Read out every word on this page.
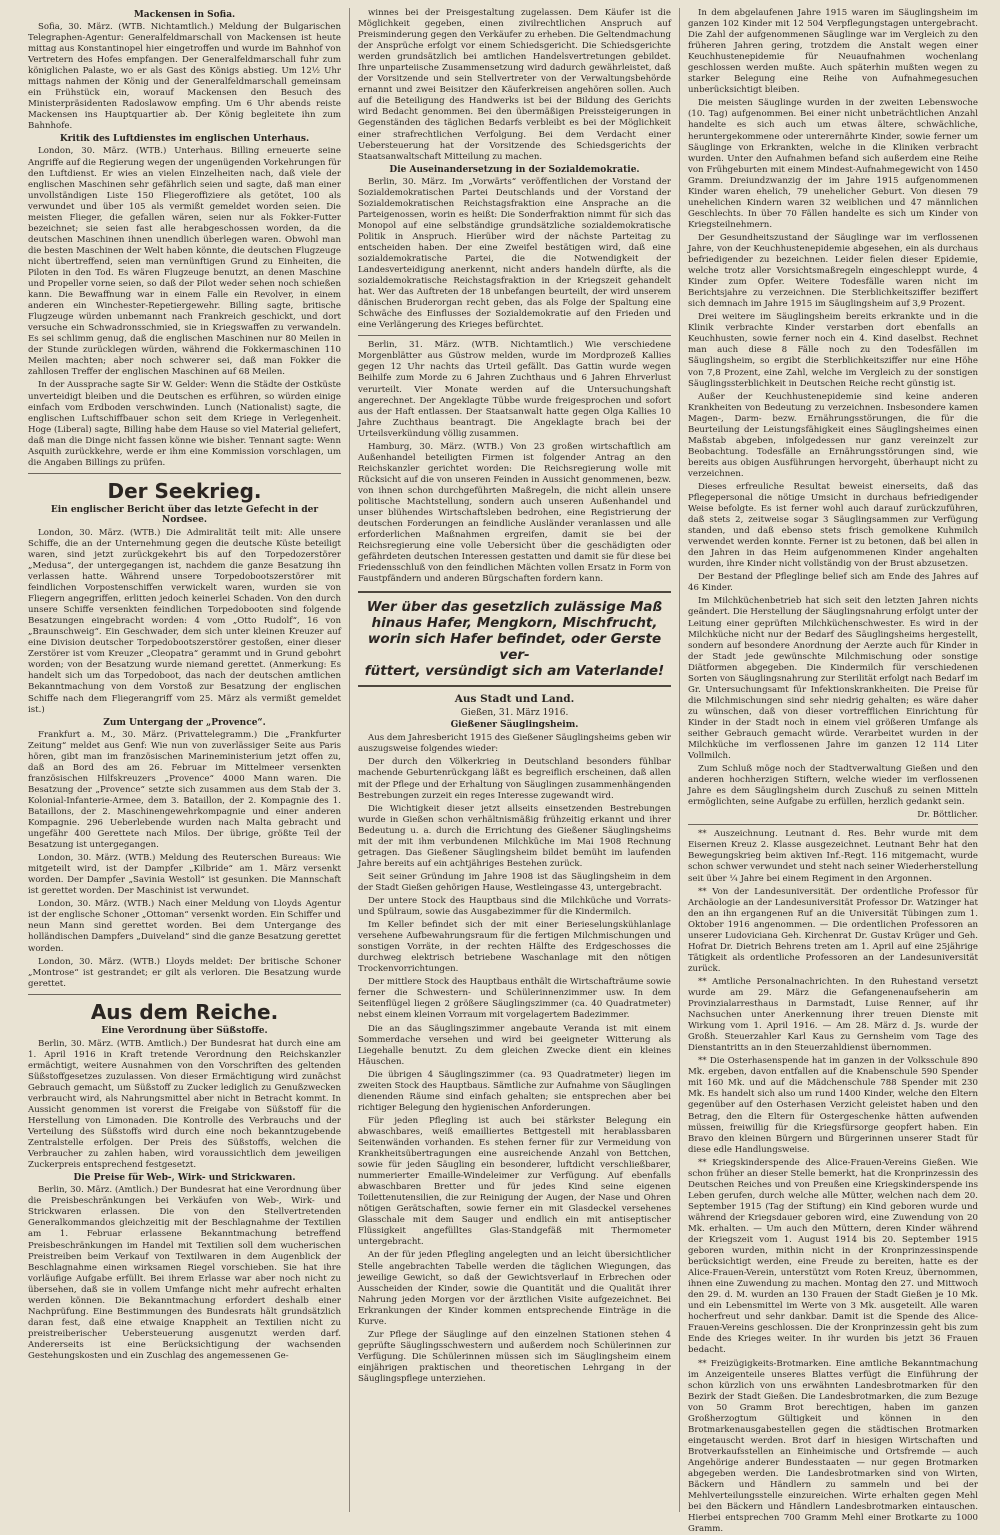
Mackensen in Sofia.

Sofia, 30. März. (WTB. Nichtamtlich.) Meldung der Bulgarischen Telegraphen-Agentur: Generalfeldmarschall von Mackensen ist heute mittag aus Konstantinopel hier eingetroffen und wurde im Bahnhof von Vertretern des Hofes empfangen. Der Generalfeldmarschall fuhr zum königlichen Palaste, wo er als Gast des Königs abstieg. Um 12½ Uhr mittags nahmen der König und der Generalfeldmarschall gemeinsam ein Frühstück ein, worauf Mackensen den Besuch des Ministerpräsidenten Radoslawow empfing. Um 6 Uhr abends reiste Mackensen ins Hauptquartier ab. Der König begleitete ihn zum Bahnhofe.

Kritik des Luftdienstes im englischen Unterhaus.

London, 30. März. (WTB.) Unterhaus. Billing erneuerte seine Angriffe auf die Regierung wegen der ungenügenden Vorkehrungen für den Luftdienst. Er wies an vielen Einzelheiten nach, daß viele der englischen Maschinen sehr gefährlich seien und sagte, daß man einer unvollständigen Liste 150 Fliegeroffiziere als getötet, 100 als verwundet und über 105 als vermißt gemeldet worden seien. Die meisten Flieger, die gefallen wären, seien nur als Fokker-Futter bezeichnet; sie seien fast alle herabgeschossen worden, da die deutschen Maschinen ihnen unendlich überlegen waren. Obwohl man die besten Maschinen der Welt haben könnte, die deutschen Flugzeuge nicht übertreffend, seien man vernünftigen Grund zu Einheiten, die Piloten in den Tod. Es wären Flugzeuge benutzt, an denen Maschine und Propeller vorne seien, so daß der Pilot weder sehen noch schießen kann. Die Bewaffnung war in einem Falle ein Revolver, in einem anderen ein Winchester-Repetiergewehr. Billing sagte, britische Flugzeuge würden unbemannt nach Frankreich geschickt, und dort versuche ein Schwadronsschmied, sie in Kriegswaffen zu verwandeln. Es sei schlimm genug, daß die englischen Maschinen nur 80 Meilen in der Stunde zurücklegen würden, während die Fokkermaschinen 110 Meilen machten; aber noch schwerer sei, daß man Fokker die zahllosen Treffer der englischen Maschinen auf 68 Meilen.

In der Aussprache sagte Sir W. Gelder: Wenn die Städte der Ostküste unverteidigt bleiben und die Deutschen es erführen, so würden einige einfach vom Erdboden verschwinden. Lunch (Nationalist) sagte, die englischen Luftschiffbauer schon seit dem Kriege in Verlegenheit. Hoge (Liberal) sagte, Billing habe dem Hause so viel Material geliefert, daß man die Dinge nicht fassen könne wie bisher. Tennant sagte: Wenn Asquith zurückkehre, werde er ihm eine Kommission vorschlagen, um die Angaben Billings zu prüfen.

Der Seekrieg.
Ein englischer Bericht über das letzte Gefecht in der Nordsee.

London, 30. März. (WTB.) Die Admiralität teilt mit: Alle unsere Schiffe, die an der Unternehmung gegen die deutsche Küste beteiligt waren, sind jetzt zurückgekehrt bis auf den Torpedozerstörer „Medusa“, der untergegangen ist, nachdem die ganze Besatzung ihn verlassen hatte. Während unsere Torpedobootszerstörer mit feindlichen Vorpostenschiffen verwickelt waren, wurden sie von Fliegern angegriffen, erlitten jedoch keinerlei Schaden. Von den durch unsere Schiffe versenkten feindlichen Torpedobooten sind folgende Besatzungen eingebracht worden: 4 vom „Otto Rudolf“, 16 von „Braunschweig“. Ein Geschwader, dem sich unter kleinen Kreuzer auf eine Division deutscher Torpedobootszerstörer gestoßen, einer dieser Zerstörer ist vom Kreuzer „Cleopatra“ gerammt und in Grund gebohrt worden; von der Besatzung wurde niemand gerettet. (Anmerkung: Es handelt sich um das Torpedoboot, das nach der deutschen amtlichen Bekanntmachung von dem Vorstoß zur Besatzung der englischen Schiffe nach dem Fliegerangriff vom 25. März als vermißt gemeldet ist.)

Zum Untergang der „Provence“.

Frankfurt a. M., 30. März. (Privattelegramm.) Die „Frankfurter Zeitung“ meldet aus Genf: Wie nun von zuverlässiger Seite aus Paris hören, gibt man im französischen Marineministerium jetzt offen zu, daß an Bord des am 26. Februar im Mittelmeer versenkten französischen Hilfskreuzers „Provence“ 4000 Mann waren. Die Besatzung der „Provence“ setzte sich zusammen aus dem Stab der 3. Kolonial-Infanterie-Armee, dem 3. Bataillon, der 2. Kompagnie des 1. Bataillons, der 2. Maschinengewehrkompagnie und einer anderen Kompagnie. 296 Ueberlebende wurden nach Malta gebracht und ungefähr 400 Gerettete nach Milos. Der übrige, größte Teil der Besatzung ist untergegangen.

London, 30. März. (WTB.) Meldung des Reuterschen Bureaus: Wie mitgeteilt wird, ist der Dampfer „Kilbride“ am 1. März versenkt worden. Der Dampfer „Savinia Westoll“ ist gesunken. Die Mannschaft ist gerettet worden. Der Maschinist ist verwundet.

London, 30. März. (WTB.) Nach einer Meldung von Lloyds Agentur ist der englische Schoner „Ottoman“ versenkt worden. Ein Schiffer und neun Mann sind gerettet worden. Bei dem Untergange des holländischen Dampfers „Duiveland“ sind die ganze Besatzung gerettet worden.

London, 30. März. (WTB.) Lloyds meldet: Der britische Schoner „Montrose“ ist gestrandet; er gilt als verloren. Die Besatzung wurde gerettet.

Aus dem Reiche.
Eine Verordnung über Süßstoffe.

Berlin, 30. März. (WTB. Amtlich.) Der Bundesrat hat durch eine am 1. April 1916 in Kraft tretende Verordnung den Reichskanzler ermächtigt, weitere Ausnahmen von den Vorschriften des geltenden Süßstoffgesetzes zuzulassen. Von dieser Ermächtigung wird zunächst Gebrauch gemacht, um Süßstoff zu Zucker lediglich zu Genußzwecken verbraucht wird, als Nahrungsmittel aber nicht in Betracht kommt. In Aussicht genommen ist vorerst die Freigabe von Süßstoff für die Herstellung von Limonaden. Die Kontrolle des Verbrauchs und der Verteilung des Süßstoffs wird durch eine noch bekanntzugebende Zentralstelle erfolgen. Der Preis des Süßstoffs, welchen die Verbraucher zu zahlen haben, wird voraussichtlich dem jeweiligen Zuckerpreis entsprechend festgesetzt.

Die Preise für Web-, Wirk- und Strickwaren.

Berlin, 30. März. (Amtlich.) Der Bundesrat hat eine Verordnung über die Preisbeschränkungen bei Verkäufen von Web-, Wirk- und Strickwaren erlassen. Die von den Stellvertretenden Generalkommandos gleichzeitig mit der Beschlagnahme der Textilien am 1. Februar erlassene Bekanntmachung betreffend Preisbeschränkungen im Handel mit Textilien soll dem wucherischen Preistreiben beim Verkauf von Textilwaren in dem Augenblick der Beschlagnahme einen wirksamen Riegel vorschieben. Sie hat ihre vorläufige Aufgabe erfüllt. Bei ihrem Erlasse war aber noch nicht zu übersehen, daß sie in vollem Umfange nicht mehr aufrecht erhalten werden können. Die Bekanntmachung erfordert deshalb einer Nachprüfung. Eine Bestimmungen des Bundesrats hält grundsätzlich daran fest, daß eine etwaige Knappheit an Textilien nicht zu preistreiberischer Uebersteuerung ausgenutzt werden darf. Andererseits ist eine Berücksichtigung der wachsenden Gestehungskosten und ein Zuschlag des angemessenen Ge-

winnes bei der Preisgestaltung zugelassen. Dem Käufer ist die Möglichkeit gegeben, einen zivilrechtlichen Anspruch auf Preisminderung gegen den Verkäufer zu erheben. Die Geltendmachung der Ansprüche erfolgt vor einem Schiedsgericht. Die Schiedsgerichte werden grundsätzlich bei amtlichen Handelsvertretungen gebildet. Ihre unparteiische Zusammensetzung wird dadurch gewährleistet, daß der Vorsitzende und sein Stellvertreter von der Verwaltungsbehörde ernannt und zwei Beisitzer den Käuferkreisen angehören sollen. Auch auf die Beteiligung des Handwerks ist bei der Bildung des Gerichts wird Bedacht genommen. Bei den übermäßigen Preissteigerungen in Gegenständen des täglichen Bedarfs verbleibt es bei der Möglichkeit einer strafrechtlichen Verfolgung. Bei dem Verdacht einer Uebersteuerung hat der Vorsitzende des Schiedsgerichts der Staatsanwaltschaft Mitteilung zu machen.

Die Auseinandersetzung in der Sozialdemokratie.

Berlin, 30. März. Im „Vorwärts“ veröffentlichen der Vorstand der Sozialdemokratischen Partei Deutschlands und der Vorstand der Sozialdemokratischen Reichstagsfraktion eine Ansprache an die Parteigenossen, worin es heißt: Die Sonderfraktion nimmt für sich das Monopol auf eine selbständige grundsätzliche sozialdemokratische Politik in Anspruch. Hierüber wird der nächste Parteitag zu entscheiden haben. Der eine Zweifel bestätigen wird, daß eine sozialdemokratische Partei, die die Notwendigkeit der Landesverteidigung anerkennt, nicht anders handeln dürfte, als die sozialdemokratische Reichstagsfraktion in der Kriegszeit gehandelt hat. Wer das Auftreten der 18 unbefangen beurteilt, der wird unserem dänischen Bruderorgan recht geben, das als Folge der Spaltung eine Schwäche des Einflusses der Sozialdemokratie auf den Frieden und eine Verlängerung des Krieges befürchtet.

Berlin, 31. März. (WTB. Nichtamtlich.) Wie verschiedene Morgenblätter aus Güstrow melden, wurde im Mordprozeß Kallies gegen 12 Uhr nachts das Urteil gefällt. Das Gattin wurde wegen Beihilfe zum Morde zu 6 Jahren Zuchthaus und 6 Jahren Ehrverlust verurteilt. Vier Monate werden auf die Untersuchungshaft angerechnet. Der Angeklagte Tübbe wurde freigesprochen und sofort aus der Haft entlassen. Der Staatsanwalt hatte gegen Olga Kallies 10 Jahre Zuchthaus beantragt. Die Angeklagte brach bei der Urteilsverkündung völlig zusammen.

Hamburg, 30. März. (WTB.) Von 23 großen wirtschaftlich am Außenhandel beteiligten Firmen ist folgender Antrag an den Reichskanzler gerichtet worden: Die Reichsregierung wolle mit Rücksicht auf die von unseren Feinden in Aussicht genommenen, bezw. von ihnen schon durchgeführten Maßregeln, die nicht allein unsere politische Machtstellung, sondern auch unseren Außenhandel und unser blühendes Wirtschaftsleben bedrohen, eine Registrierung der deutschen Forderungen an feindliche Ausländer veranlassen und alle erforderlichen Maßnahmen ergreifen, damit sie bei der Reichsregierung eine volle Uebersicht über die geschädigten oder gefährdeten deutschen Interessen gestatten und damit sie für diese bei Friedensschluß von den feindlichen Mächten vollen Ersatz in Form von Faustpfändern und anderen Bürgschaften fordern kann.

Wer über das gesetzlich zulässige Maß
hinaus Hafer, Mengkorn, Mischfrucht,
worin sich Hafer befindet, oder Gerste ver-
füttert, versündigt sich am Vaterlande!
Aus Stadt und Land.
Gießen, 31. März 1916.
Gießener Säuglingsheim.

Aus dem Jahresbericht 1915 des Gießener Säuglingsheims geben wir auszugsweise folgendes wieder:

Der durch den Völkerkrieg in Deutschland besonders fühlbar machende Geburtenrückgang läßt es begreiflich erscheinen, daß allen mit der Pflege und der Erhaltung von Säuglingen zusammenhängenden Bestrebungen zurzeit ein reges Interesse zugewandt wird.

Die Wichtigkeit dieser jetzt allseits einsetzenden Bestrebungen wurde in Gießen schon verhältnismäßig frühzeitig erkannt und ihrer Bedeutung u. a. durch die Errichtung des Gießener Säuglingsheims mit der mit ihm verbundenen Milchküche im Mai 1908 Rechnung getragen. Das Gießener Säuglingsheim bildet bemüht im laufenden Jahre bereits auf ein achtjähriges Bestehen zurück.

Seit seiner Gründung im Jahre 1908 ist das Säuglingsheim in dem der Stadt Gießen gehörigen Hause, Westleingasse 43, untergebracht.

Der untere Stock des Hauptbaus sind die Milchküche und Vorrats- und Spülraum, sowie das Ausgabezimmer für die Kindermilch.

Im Keller befindet sich der mit einer Berieselungskühlanlage versehene Aufbewahrungsraum für die fertigen Milchmischungen und sonstigen Vorräte, in der rechten Hälfte des Erdgeschosses die durchweg elektrisch betriebene Waschanlage mit den nötigen Trockenvorrichtungen.

Der mittlere Stock des Hauptbaus enthält die Wirtschafträume sowie ferner die Schwestern- und Schülerinnenzimmer usw. In dem Seitenflügel liegen 2 größere Säuglingszimmer (ca. 40 Quadratmeter) nebst einem kleinen Vorraum mit vorgelagertem Badezimmer.

Die an das Säuglingszimmer angebaute Veranda ist mit einem Sommerdache versehen und wird bei geeigneter Witterung als Liegehalle benutzt. Zu dem gleichen Zwecke dient ein kleines Häuschen.

Die übrigen 4 Säuglingszimmer (ca. 93 Quadratmeter) liegen im zweiten Stock des Hauptbaus. Sämtliche zur Aufnahme von Säuglingen dienenden Räume sind einfach gehalten; sie entsprechen aber bei richtiger Belegung den hygienischen Anforderungen.

Für jeden Pflegling ist auch bei stärkster Belegung ein abwaschbares, weiß emailliertes Bettgestell mit herablassbaren Seitenwänden vorhanden. Es stehen ferner für zur Vermeidung von Krankheitsübertragungen eine ausreichende Anzahl von Bettchen, sowie für jeden Säugling ein besonderer, luftdicht verschließbarer, nummerierter Emaille-Windeleimer zur Verfügung. Auf ebenfalls abwaschbaren Bretter und für jedes Kind seine eigenen Toilettenutensilien, die zur Reinigung der Augen, der Nase und Ohren nötigen Gerätschaften, sowie ferner ein mit Glasdeckel versehenes Glasschale mit dem Sauger und endlich ein mit antiseptischer Flüssigkeit angefülltes Glas-Standgefäß mit Thermometer untergebracht.

An der für jeden Pflegling angelegten und an leicht übersichtlicher Stelle angebrachten Tabelle werden die täglichen Wiegungen, das jeweilige Gewicht, so daß der Gewichtsverlauf in Erbrechen oder Ausscheiden der Kinder, sowie die Quantität und die Qualität ihrer Nahrung jeden Morgen vor der ärztlichen Visite aufgezeichnet. Bei Erkrankungen der Kinder kommen entsprechende Einträge in die Kurve.

Zur Pflege der Säuglinge auf den einzelnen Stationen stehen 4 geprüfte Säuglingsschwestern und außerdem noch Schülerinnen zur Verfügung. Die Schülerinnen müssen sich im Säuglingsheim einem einjährigen praktischen und theoretischen Lehrgang in der Säuglingspflege unterziehen.

In dem abgelaufenen Jahre 1915 waren im Säuglingsheim im ganzen 102 Kinder mit 12 504 Verpflegungstagen untergebracht. Die Zahl der aufgenommenen Säuglinge war im Vergleich zu den früheren Jahren gering, trotzdem die Anstalt wegen einer Keuchhustenepidemie für Neuaufnahmen wochenlang geschlossen werden mußte. Auch späterhin mußten wegen zu starker Belegung eine Reihe von Aufnahmegesuchen unberücksichtigt bleiben.

Die meisten Säuglinge wurden in der zweiten Lebenswoche (10. Tag) aufgenommen. Bei einer nicht unbeträchtlichen Anzahl handelte es sich auch um etwas ältere, schwächliche, heruntergekommene oder unterernährte Kinder, sowie ferner um Säuglinge von Erkrankten, welche in die Kliniken verbracht wurden. Unter den Aufnahmen befand sich außerdem eine Reihe von Frühgeburten mit einem Mindest-Aufnahmegewicht von 1450 Gramm. Dreiundzwanzig der im Jahre 1915 aufgenommenen Kinder waren ehelich, 79 unehelicher Geburt. Von diesen 79 unehelichen Kindern waren 32 weiblichen und 47 männlichen Geschlechts. In über 70 Fällen handelte es sich um Kinder von Kriegsteilnehmern.

Der Gesundheitszustand der Säuglinge war im verflossenen Jahre, von der Keuchhustenepidemie abgesehen, ein als durchaus befriedigender zu bezeichnen. Leider fielen dieser Epidemie, welche trotz aller Vorsichtsmaßregeln eingeschleppt wurde, 4 Kinder zum Opfer. Weitere Todesfälle waren nicht im Berichtsjahre zu verzeichnen. Die Sterblichkeitsziffer beziffert sich demnach im Jahre 1915 im Säuglingsheim auf 3,9 Prozent.

Drei weitere im Säuglingsheim bereits erkrankte und in die Klinik verbrachte Kinder verstarben dort ebenfalls an Keuchhusten, sowie ferner noch ein 4. Kind daselbst. Rechnet man auch diese 8 Fälle noch zu den Todesfällen im Säuglingsheim, so ergibt die Sterblichkeitsziffer nur eine Höhe von 7,8 Prozent, eine Zahl, welche im Vergleich zu der sonstigen Säuglingssterblichkeit in Deutschen Reiche recht günstig ist.

Außer der Keuchhustenepidemie sind keine anderen Krankheiten von Bedeutung zu verzeichnen. Insbesondere kamen Magen-, Darm- bezw. Ernährungsstörungen, die für die Beurteilung der Leistungsfähigkeit eines Säuglingsheimes einen Maßstab abgeben, infolgedessen nur ganz vereinzelt zur Beobachtung. Todesfälle an Ernährungsstörungen sind, wie bereits aus obigen Ausführungen hervorgeht, überhaupt nicht zu verzeichnen.

Dieses erfreuliche Resultat beweist einerseits, daß das Pflegepersonal die nötige Umsicht in durchaus befriedigender Weise befolgte. Es ist ferner wohl auch darauf zurückzuführen, daß stets 2, zeitweise sogar 3 Säuglingsammen zur Verfügung standen, und daß ebenso stets frisch gemolkene Kuhmilch verwendet werden konnte. Ferner ist zu betonen, daß bei allen in den Jahren in das Heim aufgenommenen Kinder angehalten wurden, ihre Kinder nicht vollständig von der Brust abzusetzen.

Der Bestand der Pfleglinge belief sich am Ende des Jahres auf 46 Kinder.

Im Milchküchenbetrieb hat sich seit den letzten Jahren nichts geändert. Die Herstellung der Säuglingsnahrung erfolgt unter der Leitung einer geprüften Milchküchenschwester. Es wird in der Milchküche nicht nur der Bedarf des Säuglingsheims hergestellt, sondern auf besondere Anordnung der Aerzte auch für Kinder in der Stadt jede gewünschte Milchmischung oder sonstige Diätformen abgegeben. Die Kindermilch für verschiedenen Sorten von Säuglingsnahrung zur Sterilität erfolgt nach Bedarf im Gr. Untersuchungsamt für Infektionskrankheiten. Die Preise für die Milchmischungen sind sehr niedrig gehalten; es wäre daher zu wünschen, daß von dieser vortrefflichen Einrichtung für Kinder in der Stadt noch in einem viel größeren Umfange als seither Gebrauch gemacht würde. Verarbeitet wurden in der Milchküche im verflossenen Jahre im ganzen 12 114 Liter Vollmilch.

Zum Schluß möge noch der Stadtverwaltung Gießen und den anderen hochherzigen Stiftern, welche wieder im verflossenen Jahre es dem Säuglingsheim durch Zuschuß zu seinen Mitteln ermöglichten, seine Aufgabe zu erfüllen, herzlich gedankt sein.

Dr. Böttlicher.

** Auszeichnung. Leutnant d. Res. Behr wurde mit dem Eisernen Kreuz 2. Klasse ausgezeichnet. Leutnant Behr hat den Bewegungskrieg beim aktiven Inf.-Regt. 116 mitgemacht, wurde schon schwer verwundet und steht nach seiner Wiederherstellung seit über ¼ Jahre bei einem Regiment in den Argonnen.

** Von der Landesuniversität. Der ordentliche Professor für Archäologie an der Landesuniversität Professor Dr. Watzinger hat den an ihn ergangenen Ruf an die Universität Tübingen zum 1. Oktober 1916 angenommen. — Die ordentlichen Professoren an unserer Ludoviciana Geh. Kirchenrat Dr. Gustav Krüger und Geh. Hofrat Dr. Dietrich Behrens treten am 1. April auf eine 25jährige Tätigkeit als ordentliche Professoren an der Landesuniversität zurück.

** Amtliche Personalnachrichten. In den Ruhestand versetzt wurde am 29. März die Gefangenenaufseherin am Provinzialarresthaus in Darmstadt, Luise Renner, auf ihr Nachsuchen unter Anerkennung ihrer treuen Dienste mit Wirkung vom 1. April 1916. — Am 28. März d. Js. wurde der Großh. Steuerzahler Karl Kaus zu Gernsheim vom Tage des Dienstantritts an in den Steuerzahldienst übernommen.

** Die Osterhasenspende hat im ganzen in der Volksschule 890 Mk. ergeben, davon entfallen auf die Knabenschule 590 Spender mit 160 Mk. und auf die Mädchenschule 788 Spender mit 230 Mk. Es handelt sich also um rund 1400 Kinder, welche den Eltern gegenüber auf den Osterhasen Verzicht geleistet haben und den Betrag, den die Eltern für Ostergeschenke hätten aufwenden müssen, freiwillig für die Kriegsfürsorge geopfert haben. Ein Bravo den kleinen Bürgern und Bürgerinnen unserer Stadt für diese edle Handlungsweise.

** Kriegskinderspende des Alice-Frauen-Vereins Gießen. Wie schon früher an dieser Stelle bemerkt, hat die Kronprinzessin des Deutschen Reiches und von Preußen eine Kriegskinderspende ins Leben gerufen, durch welche alle Mütter, welchen nach dem 20. September 1915 (Tag der Stiftung) ein Kind geboren wurde und während der Kriegsdauer geboren wird, eine Zuwendung von 20 Mk. erhalten. — Um auch den Müttern, deren Kinder während der Kriegszeit vom 1. August 1914 bis 20. September 1915 geboren wurden, mithin nicht in der Kronprinzessinspende berücksichtigt werden, eine Freude zu bereiten, hatte es der Alice-Frauen-Verein, unterstützt vom Roten Kreuz, übernommen, ihnen eine Zuwendung zu machen. Montag den 27. und Mittwoch den 29. d. M. wurden an 130 Frauen der Stadt Gießen je 10 Mk. und ein Lebensmittel im Werte von 3 Mk. ausgeteilt. Alle waren hocherfreut und sehr dankbar. Damit ist die Spende des Alice-Frauen-Vereins geschlossen. Die der Kronprinzessin geht bis zum Ende des Krieges weiter. In ihr wurden bis jetzt 36 Frauen bedacht.

** Freizügigkeits-Brotmarken. Eine amtliche Bekanntmachung im Anzeigenteile unseres Blattes verfügt die Einführung der schon kürzlich von uns erwähnten Landesbrotmarken für den Bezirk der Stadt Gießen. Die Landesbrotmarken, die zum Bezuge von 50 Gramm Brot berechtigen, haben im ganzen Großherzogtum Gültigkeit und können in den Brotmarkenausgabestellen gegen die städtischen Brotmarken eingetauscht werden. Brot darf in hiesigen Wirtschaften und Brotverkaufsstellen an Einheimische und Ortsfremde — auch Angehörige anderer Bundesstaaten — nur gegen Brotmarken abgegeben werden. Die Landesbrotmarken sind von Wirten, Bäckern und Händlern zu sammeln und bei der Mehlverteilungsstelle einzureichen. Wirte erhalten gegen Mehl bei den Bäckern und Händlern Landesbrotmarken eintauschen. Hierbei entsprechen 700 Gramm Mehl einer Brotkarte zu 1000 Gramm.
